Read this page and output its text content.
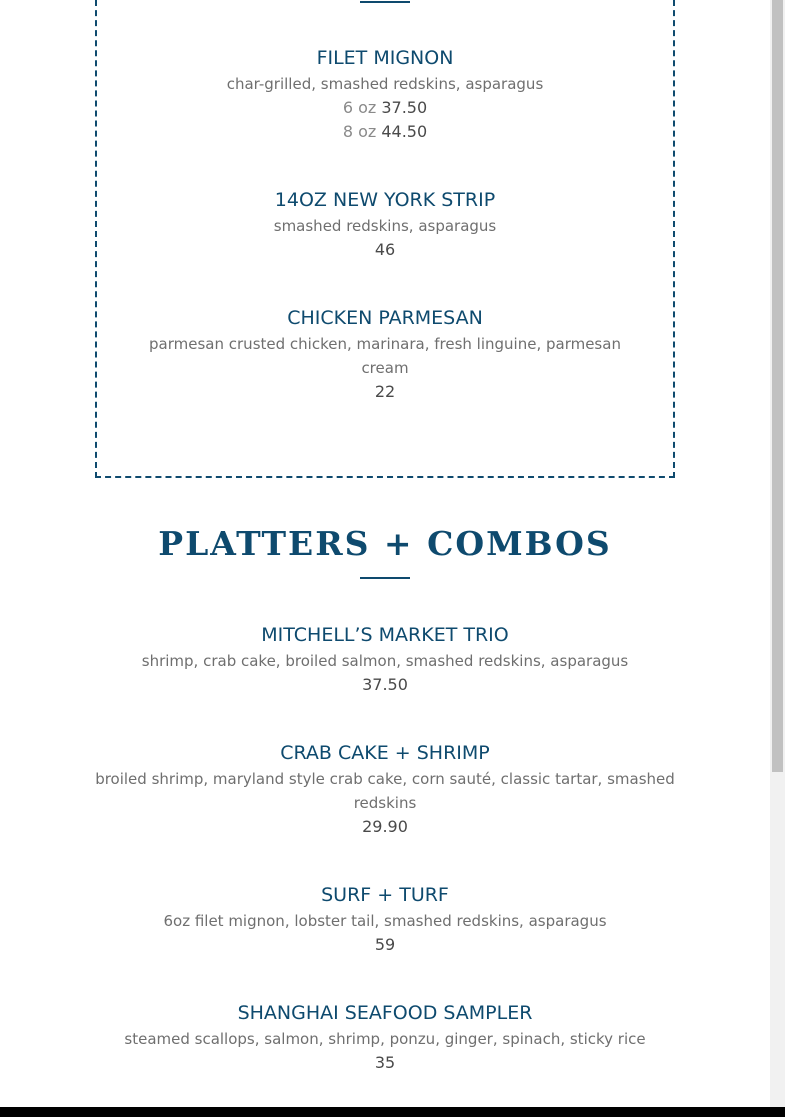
FILET MIGNON
char-grilled, smashed redskins, asparagus
6 oz 37.50
8 oz 44.50
14OZ NEW YORK STRIP
smashed redskins, asparagus
46
CHICKEN PARMESAN
parmesan crusted chicken, marinara, fresh linguine, parmesan cream
22
PLATTERS + COMBOS
MITCHELL’S MARKET TRIO
shrimp, crab cake, broiled salmon, smashed redskins, asparagus
37.50
CRAB CAKE + SHRIMP
broiled shrimp, maryland style crab cake, corn sauté, classic tartar, smashed redskins
29.90
SURF + TURF
6oz filet mignon, lobster tail, smashed redskins, asparagus
59
SHANGHAI SEAFOOD SAMPLER
steamed scallops, salmon, shrimp, ponzu, ginger, spinach, sticky rice
35
